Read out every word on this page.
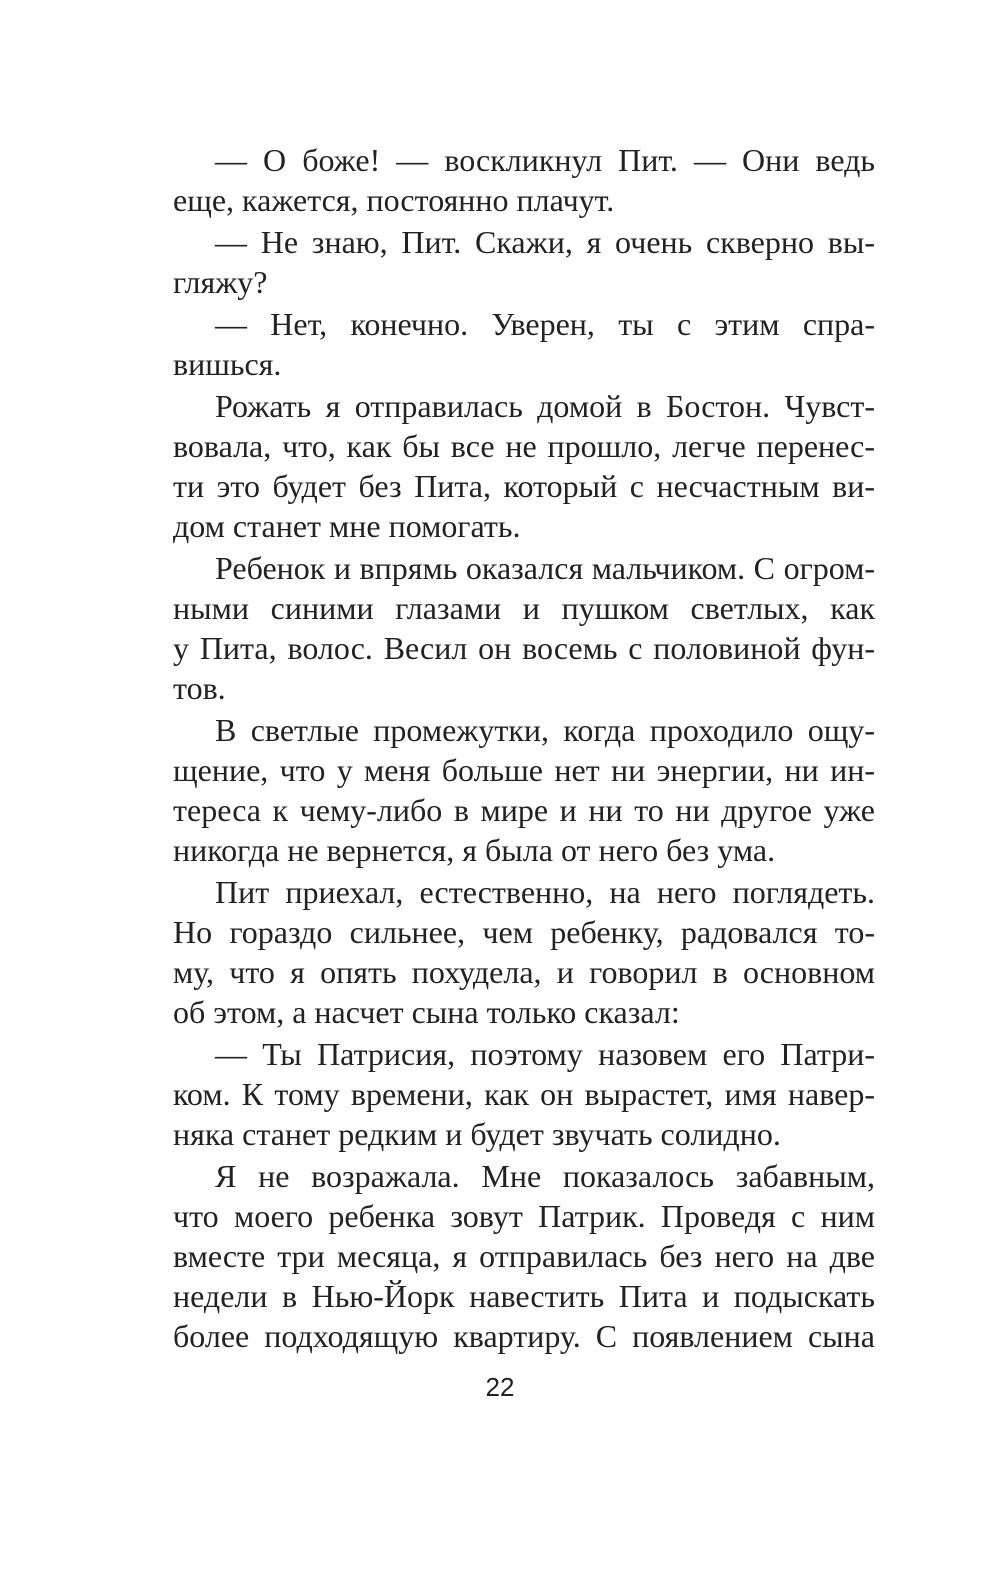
— О боже! — воскликнул Пит. — Они ведь
еще, кажется, постоянно плачут.
— Не знаю, Пит. Скажи, я очень скверно вы-
гляжу?
— Нет, конечно. Уверен, ты с этим спра-
вишься.
Рожать я отправилась домой в Бостон. Чувст-
вовала, что, как бы все не прошло, легче перенес-
ти это будет без Пита, который с несчастным ви-
дом станет мне помогать.
Ребенок и впрямь оказался мальчиком. С огром-
ными синими глазами и пушком светлых, как
у Пита, волос. Весил он восемь с половиной фун-
тов.
В светлые промежутки, когда проходило ощу-
щение, что у меня больше нет ни энергии, ни ин-
тереса к чему-либо в мире и ни то ни другое уже
никогда не вернется, я была от него без ума.
Пит приехал, естественно, на него поглядеть.
Но гораздо сильнее, чем ребенку, радовался то-
му, что я опять похудела, и говорил в основном
об этом, а насчет сына только сказал:
— Ты Патрисия, поэтому назовем его Патри-
ком. К тому времени, как он вырастет, имя навер-
няка станет редким и будет звучать солидно.
Я не возражала. Мне показалось забавным,
что моего ребенка зовут Патрик. Проведя с ним
вместе три месяца, я отправилась без него на две
недели в Нью-Йорк навестить Пита и подыскать
более подходящую квартиру. С появлением сына
22
